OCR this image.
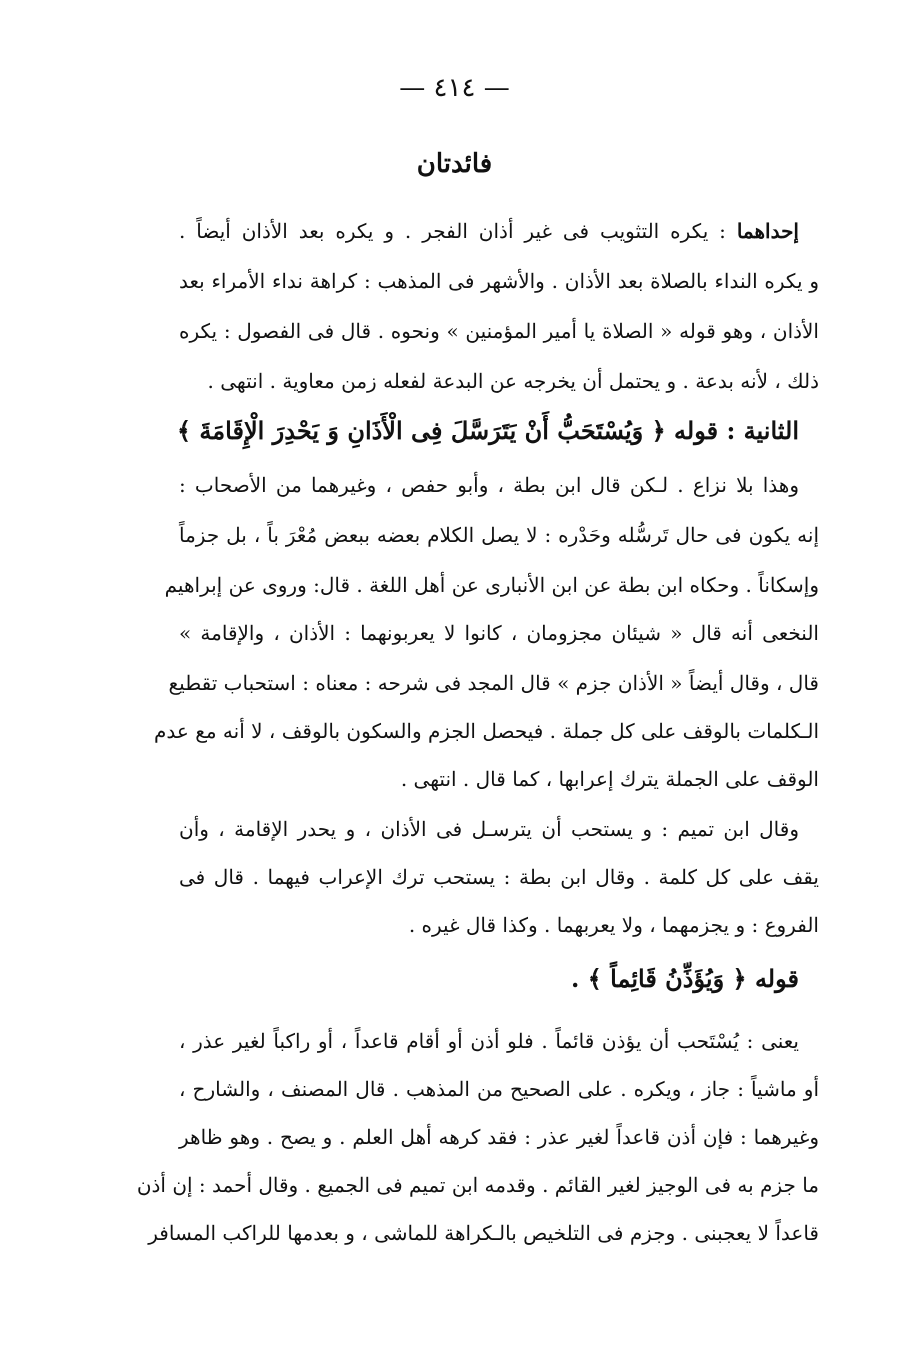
— ٤١٤ —
فائدتان
إحداهما : يكره التثويب فى غير أذان الفجر . و يكره بعد الأذان أيضاً .
و يكره النداء بالصلاة بعد الأذان . والأشهر فى المذهب : كراهة نداء الأمراء بعد
الأذان ، وهو قوله « الصلاة يا أمير المؤمنين » ونحوه . قال فى الفصول : يكره
ذلك ، لأنه بدعة . و يحتمل أن يخرجه عن البدعة لفعله زمن معاوية . انتهى .
الثانية : قوله ﴿ وَيُسْتَحَبُّ أَنْ يَتَرَسَّلَ فِى الْأَذَانِ وَ يَحْدِرَ الْإِقَامَةَ ﴾
وهذا بلا نزاع . لـكن قال ابن بطة ، وأبو حفص ، وغيرهما من الأصحاب :
إنه يكون فى حال تَرسُّله وحَدْره : لا يصل الكلام بعضه ببعض مُعْرَ باً ، بل جزماً
وإسكاناً . وحكاه ابن بطة عن ابن الأنبارى عن أهل اللغة . قال: وروى عن إبراهيم
النخعى أنه قال « شيئان مجزومان ، كانوا لا يعربونهما : الأذان ، والإقامة »
قال ، وقال أيضاً « الأذان جزم » قال المجد فى شرحه : معناه : استحباب تقطيع
الـكلمات بالوقف على كل جملة . فيحصل الجزم والسكون بالوقف ، لا أنه مع عدم
الوقف على الجملة يترك إعرابها ، كما قال . انتهى .
وقال ابن تميم : و يستحب أن يترسـل فى الأذان ، و يحدر الإقامة ، وأن
يقف على كل كلمة . وقال ابن بطة : يستحب ترك الإعراب فيهما . قال فى
الفروع : و يجزمهما ، ولا يعربهما . وكذا قال غيره .
قوله ﴿ وَيُؤَذِّنُ قَائِماً ﴾ .
يعنى : يُسْتَحب أن يؤذن قائماً . فلو أذن أو أقام قاعداً ، أو راكباً لغير عذر ،
أو ماشياً : جاز ، ويكره . على الصحيح من المذهب . قال المصنف ، والشارح ،
وغيرهما : فإن أذن قاعداً لغير عذر : فقد كرهه أهل العلم . و يصح . وهو ظاهر
ما جزم به فى الوجيز لغير القائم . وقدمه ابن تميم فى الجميع . وقال أحمد : إن أذن
قاعداً لا يعجبنى . وجزم فى التلخيص بالـكراهة للماشى ، و بعدمها للراكب المسافر
